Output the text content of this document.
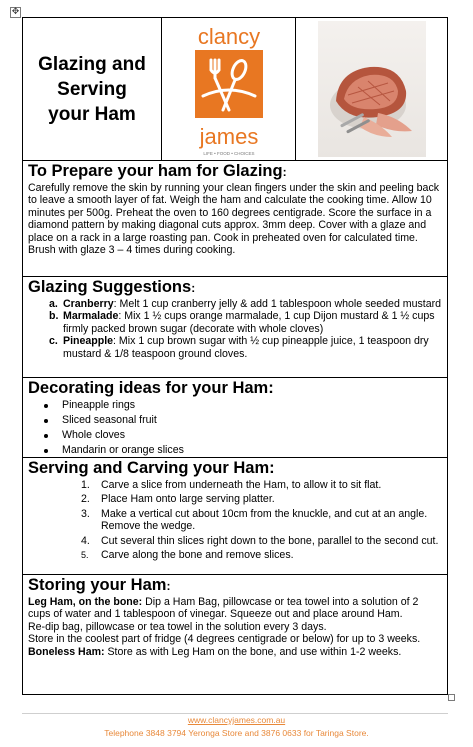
✥
Glazing and
Serving
your Ham
clancy
james
LIFE • FOOD • CHOICES
To Prepare your ham for Glazing:

Carefully remove the skin by running your clean fingers under the skin and peeling back to leave a smooth layer of fat. Weigh the ham and calculate the cooking time. Allow 10 minutes per 500g. Preheat the oven to 160 degrees centigrade. Score the surface in a diamond pattern by making diagonal cuts approx. 3mm deep. Cover with a glaze and place on a rack in a large roasting pan. Cook in preheated oven for calculated time. Brush with glaze 3 – 4 times during cooking.

Glazing Suggestions:
a. Cranberry: Melt 1 cup cranberry jelly & add 1 tablespoon whole seeded mustard
b. Marmalade: Mix 1 ½ cups orange marmalade, 1 cup Dijon mustard & 1 ½ cups firmly packed brown sugar (decorate with whole cloves)
c. Pineapple: Mix 1 cup brown sugar with ½ cup pineapple juice, 1 teaspoon dry mustard & 1/8 teaspoon ground cloves.
Decorating ideas for your Ham:
Pineapple rings
Sliced seasonal fruit
Whole cloves
Mandarin or orange slices
Serving and Carving your Ham:
1. Carve a slice from underneath the Ham, to allow it to sit flat.
2. Place Ham onto large serving platter.
3. Make a vertical cut about 10cm from the knuckle, and cut at an angle. Remove the wedge.
4. Cut several thin slices right down to the bone, parallel to the second cut.
5. Carve along the bone and remove slices.
Storing your Ham:

Leg Ham, on the bone: Dip a Ham Bag, pillowcase or tea towel into a solution of 2 cups of water and 1 tablespoon of vinegar. Squeeze out and place around Ham.

Re-dip bag, pillowcase or tea towel in the solution every 3 days.

Store in the coolest part of fridge (4 degrees centigrade or below) for up to 3 weeks.

Boneless Ham: Store as with Leg Ham on the bone, and use within 1-2 weeks.

www.clancyjames.com.au
Telephone 3848 3794 Yeronga Store and 3876 0633 for Taringa Store.
